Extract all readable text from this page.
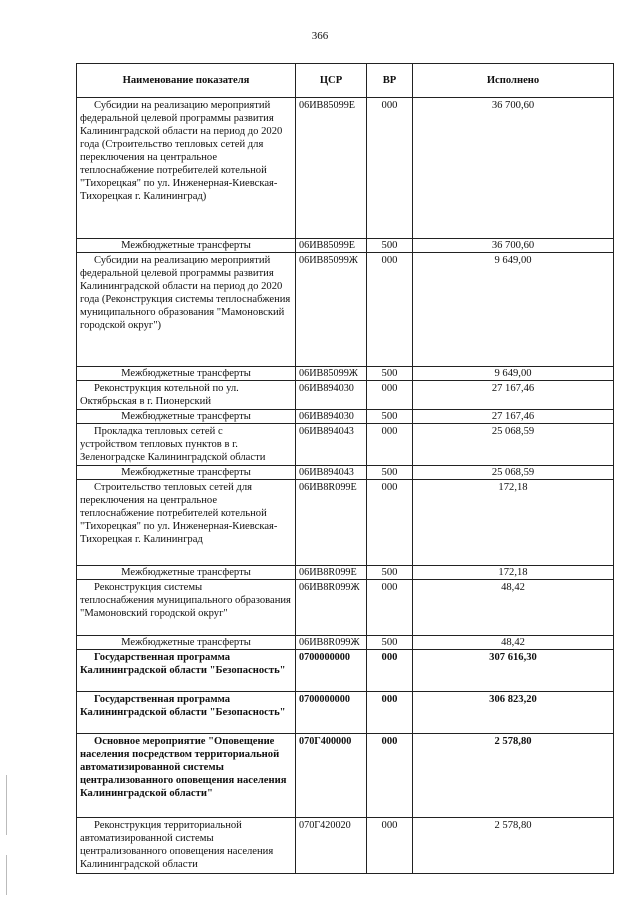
366
Наименование показателя	ЦСР	ВР	Исполнено

Субсидии на реализацию мероприятий
федеральной целевой программы развития Калининградской области на период до 2020 года (Строительство тепловых сетей для переключения на центральное теплоснабжение потребителей котельной "Тихорецкая" по ул. Инженерная-Киевская-Тихорецкая г. Калининград)	06ИВ85099Е	000	36 700,60
Межбюджетные трансферты	06ИВ85099Е	500	36 700,60

Субсидии на реализацию мероприятий
федеральной целевой программы развития Калининградской области на период до 2020 года (Реконструкция системы теплоснабжения муниципального образования "Мамоновский городской округ")	06ИВ85099Ж	000	9 649,00
Межбюджетные трансферты	06ИВ85099Ж	500	9 649,00

Реконструкция котельной по ул.
Октябрьская в г. Пионерский	06ИВ894030	000	27 167,46
Межбюджетные трансферты	06ИВ894030	500	27 167,46

Прокладка тепловых сетей с
устройством тепловых пунктов в г. Зеленоградске Калининградской области	06ИВ894043	000	25 068,59
Межбюджетные трансферты	06ИВ894043	500	25 068,59

Строительство тепловых сетей для
переключения на центральное теплоснабжение потребителей котельной "Тихорецкая" по ул. Инженерная-Киевская-Тихорецкая г. Калининград	06ИВ8R099Е	000	172,18
Межбюджетные трансферты	06ИВ8R099Е	500	172,18

Реконструкция системы
теплоснабжения муниципального образования "Мамоновский городской округ"	06ИВ8R099Ж	000	48,42
Межбюджетные трансферты	06ИВ8R099Ж	500	48,42

Государственная программа
Калининградской области "Безопасность"	0700000000	000	307 616,30

Государственная программа
Калининградской области "Безопасность"	0700000000	000	306 823,20

Основное мероприятие "Оповещение
населения посредством территориальной автоматизированной системы централизованного оповещения населения Калининградской области"	070Г400000	000	2 578,80

Реконструкция территориальной
автоматизированной системы централизованного оповещения населения Калининградской области	070Г420020	000	2 578,80
